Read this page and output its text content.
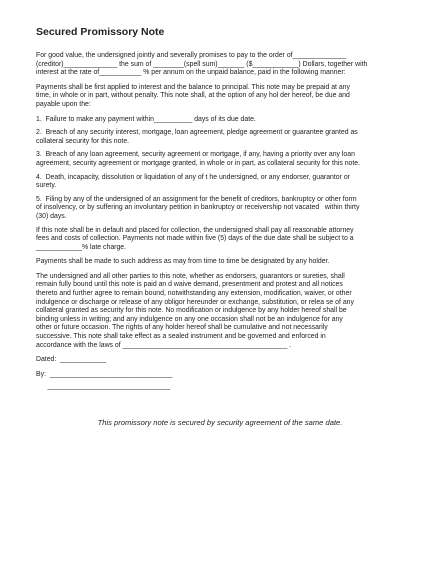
Secured Promissory Note
For good value, the undersigned jointly and severally promises to pay to the order of______________
(creditor)______________ the sum of ________(spell sum)_______ ($____________) Dollars, together with
interest at the rate of___________ % per annum on the unpaid balance, paid in the following manner:
Payments shall be first applied to interest and the balance to principal. This note may be prepaid at any
time, in whole or in part, without penalty. This note shall, at the option of any hol der hereof, be due and
payable upon the:
1.  Failure to make any payment within__________ days of its due date.
2.  Breach of any security interest, mortgage, loan agreement, pledge agreement or guarantee granted as
collateral security for this note.
3.  Breach of any loan agreement, security agreement or mortgage, if any, having a priority over any loan
agreement, security agreement or mortgage granted, in whole or in part, as collateral security for this note.
4.  Death, incapacity, dissolution or liquidation of any of t he undersigned, or any endorser, guarantor or
surety.
5.  Filing by any of the undersigned of an assignment for the benefit of creditors, bankruptcy or other form
of insolvency, or by suffering an involuntary petition in bankruptcy or receivership not vacated   within thirty
(30) days.
If this note shall be in default and placed for collection, the undersigned shall pay all reasonable attorney
fees and costs of collection. Payments not made within five (5) days of the due date shall be subject to a
____________% late charge.
Payments shall be made to such address as may from time to time be designated by any holder.
The undersigned and all other parties to this note, whether as endorsers, guarantors or sureties, shall
remain fully bound until this note is paid an d waive demand, presentment and protest and all notices
thereto and further agree to remain bound, notwithstanding any extension, modification, waiver, or other
indulgence or discharge or release of any obligor hereunder or exchange, substitution, or relea se of any
collateral granted as security for this note. No modification or indulgence by any holder hereof shall be
binding unless in writing; and any indulgence on any one occasion shall not be an indulgence for any
other or future occasion. The rights of any holder hereof shall be cumulative and not necessarily
successive. This note shall take effect as a sealed instrument and be governed and enforced in
accordance with the laws of ___________________________________________ .
Dated:  ____________
By:  ________________________________
________________________________
This promissory note is secured by security agreement of the same date.
